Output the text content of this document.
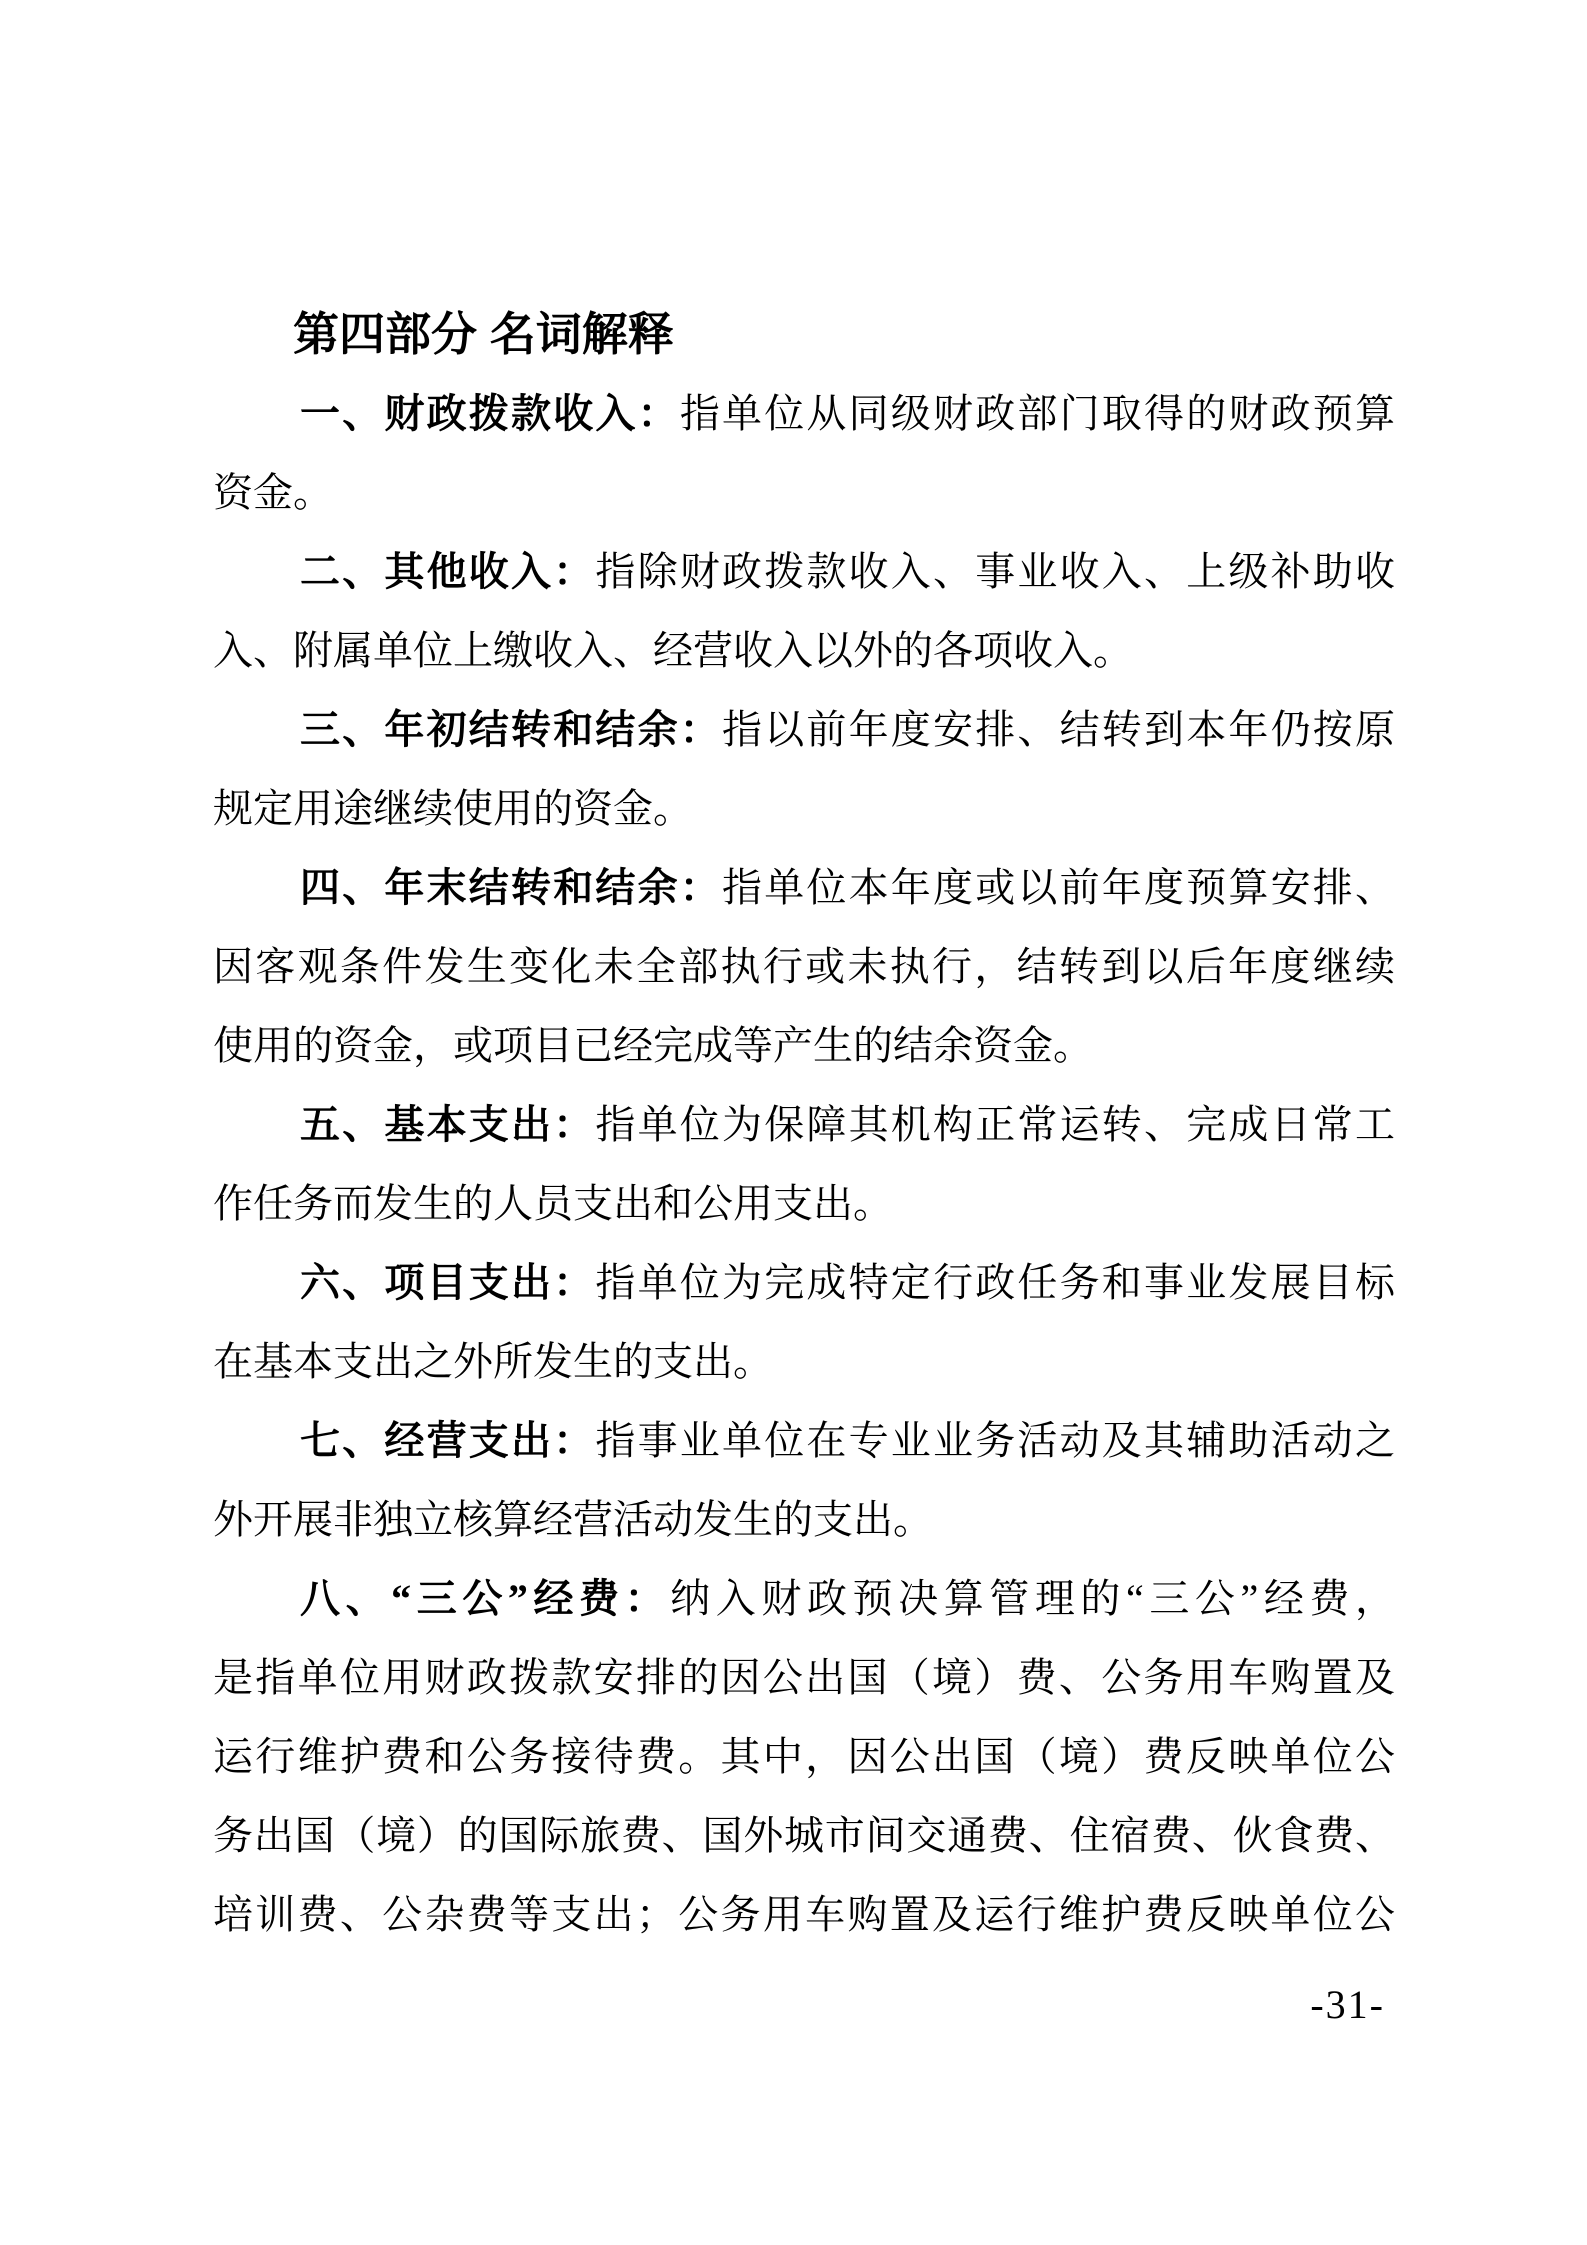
第四部分 名词解释
一、财政拨款收入：指单位从同级财政部门取得的财政预算
资金。
二、其他收入：指除财政拨款收入、事业收入、上级补助收
入、附属单位上缴收入、经营收入以外的各项收入。
三、年初结转和结余：指以前年度安排、结转到本年仍按原
规定用途继续使用的资金。
四、年末结转和结余：指单位本年度或以前年度预算安排、
因客观条件发生变化未全部执行或未执行，结转到以后年度继续
使用的资金，或项目已经完成等产生的结余资金。
五、基本支出：指单位为保障其机构正常运转、完成日常工
作任务而发生的人员支出和公用支出。
六、项目支出：指单位为完成特定行政任务和事业发展目标
在基本支出之外所发生的支出。
七、经营支出：指事业单位在专业业务活动及其辅助活动之
外开展非独立核算经营活动发生的支出。
八、“三公”经费：纳入财政预决算管理的“三公”经费，
是指单位用财政拨款安排的因公出国（境）费、公务用车购置及
运行维护费和公务接待费。其中，因公出国（境）费反映单位公
务出国（境）的国际旅费、国外城市间交通费、住宿费、伙食费、
培训费、公杂费等支出；公务用车购置及运行维护费反映单位公
-31-
